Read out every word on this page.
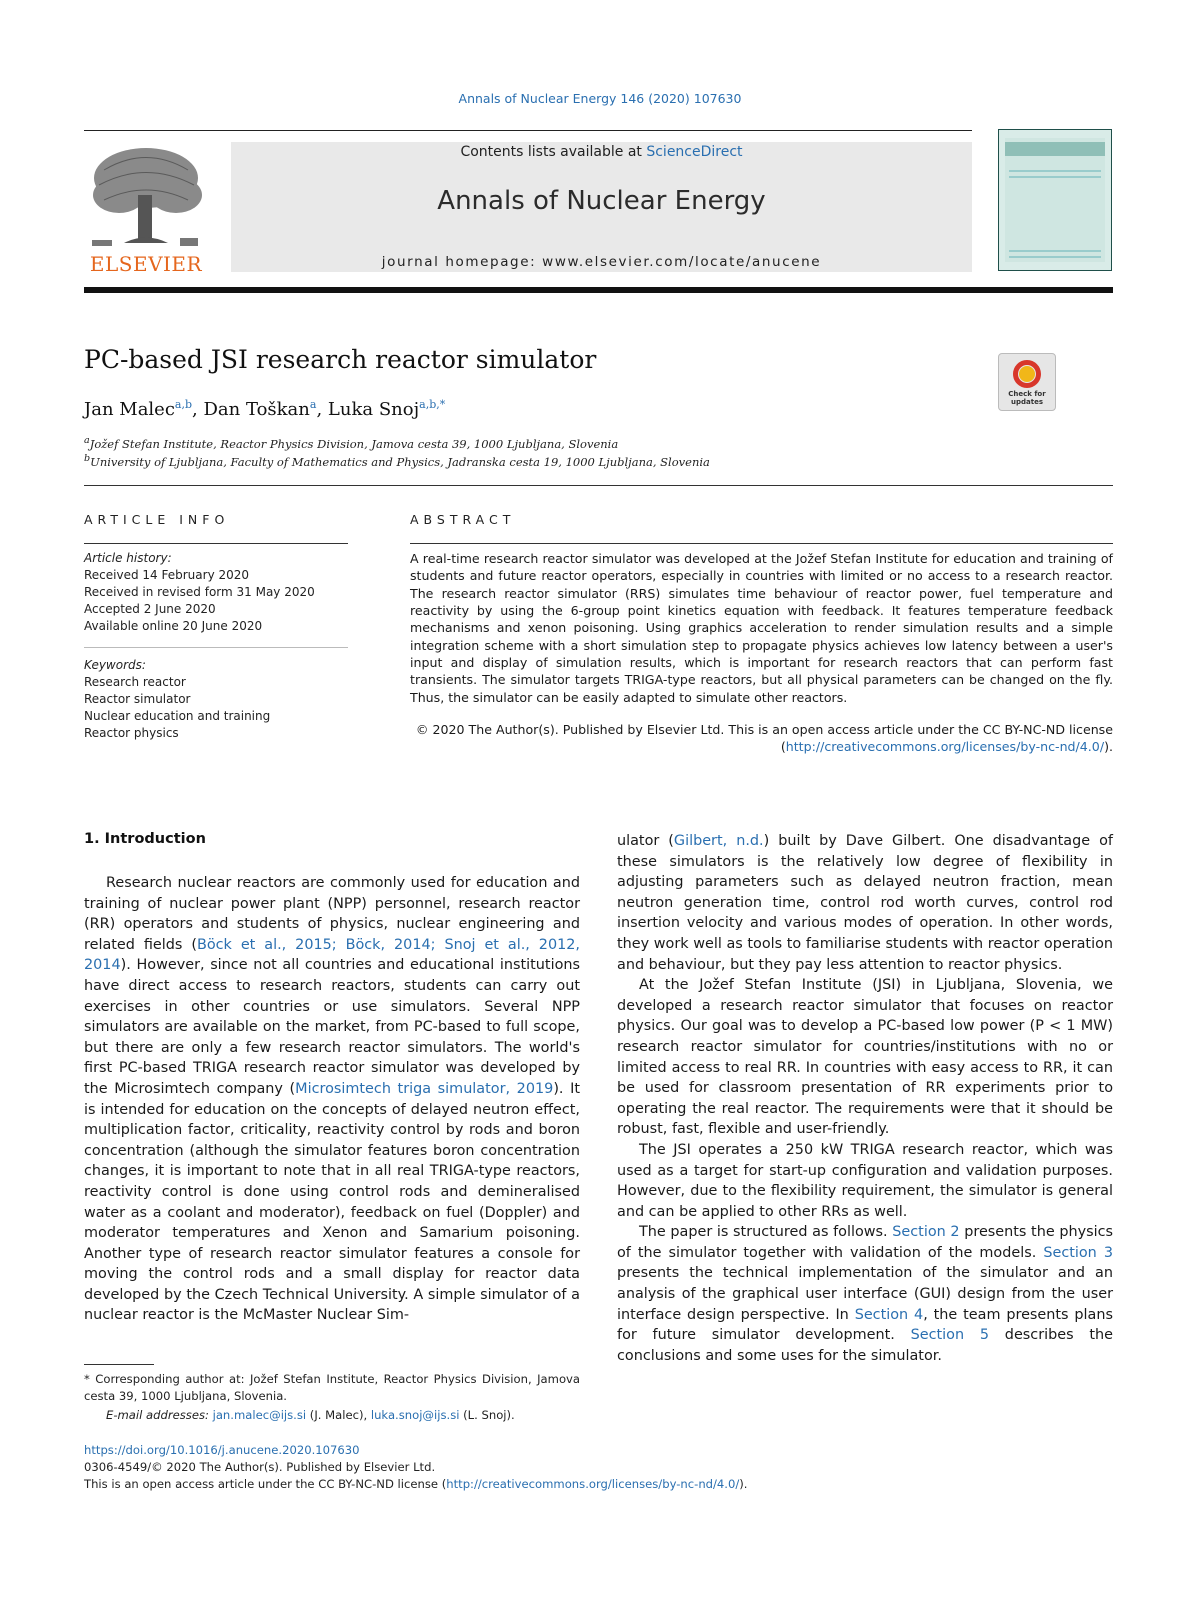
Annals of Nuclear Energy 146 (2020) 107630
ELSEVIER
Contents lists available at ScienceDirect
Annals of Nuclear Energy
journal homepage: www.elsevier.com/locate/anucene
PC-based JSI research reactor simulator
Jan Malec$^{a,b}$, Dan Toškan$^a$, Luka Snoj$^{a,b,*}$
Check for
updates
$^a$Jožef Stefan Institute, Reactor Physics Division, Jamova cesta 39, 1000 Ljubljana, Slovenia
$^b$University of Ljubljana, Faculty of Mathematics and Physics, Jadranska cesta 19, 1000 Ljubljana, Slovenia
ARTICLE INFO	ABSTRACT
Article history:
Received 14 February 2020
Received in revised form 31 May 2020
Accepted 2 June 2020
Available online 20 June 2020
Keywords:
Research reactor
Reactor simulator
Nuclear education and training
Reactor physics
A real-time research reactor simulator was developed at the Jožef Stefan Institute for education and training of students and future reactor operators, especially in countries with limited or no access to a research reactor. The research reactor simulator (RRS) simulates time behaviour of reactor power, fuel temperature and reactivity by using the 6-group point kinetics equation with feedback. It features temperature feedback mechanisms and xenon poisoning. Using graphics acceleration to render simulation results and a simple integration scheme with a short simulation step to propagate physics achieves low latency between a user's input and display of simulation results, which is important for research reactors that can perform fast transients. The simulator targets TRIGA-type reactors, but all physical parameters can be changed on the fly. Thus, the simulator can be easily adapted to simulate other reactors.
© 2020 The Author(s). Published by Elsevier Ltd. This is an open access article under the CC BY-NC-ND license (http://creativecommons.org/licenses/by-nc-nd/4.0/).
1. Introduction

Research nuclear reactors are commonly used for education and training of nuclear power plant (NPP) personnel, research reactor (RR) operators and students of physics, nuclear engineering and related fields (Böck et al., 2015; Böck, 2014; Snoj et al., 2012, 2014). However, since not all countries and educational institutions have direct access to research reactors, students can carry out exercises in other countries or use simulators. Several NPP simulators are available on the market, from PC-based to full scope, but there are only a few research reactor simulators. The world's first PC-based TRIGA research reactor simulator was developed by the Microsimtech company (Microsimtech triga simulator, 2019). It is intended for education on the concepts of delayed neutron effect, multiplication factor, criticality, reactivity control by rods and boron concentration (although the simulator features boron concentration changes, it is important to note that in all real TRIGA-type reactors, reactivity control is done using control rods and demineralised water as a coolant and moderator), feedback on fuel (Doppler) and moderator temperatures and Xenon and Samarium poisoning. Another type of research reactor simulator features a console for moving the control rods and a small display for reactor data developed by the Czech Technical University. A simple simulator of a nuclear reactor is the McMaster Nuclear Sim-

ulator (Gilbert, n.d.) built by Dave Gilbert. One disadvantage of these simulators is the relatively low degree of flexibility in adjusting parameters such as delayed neutron fraction, mean neutron generation time, control rod worth curves, control rod insertion velocity and various modes of operation. In other words, they work well as tools to familiarise students with reactor operation and behaviour, but they pay less attention to reactor physics.

At the Jožef Stefan Institute (JSI) in Ljubljana, Slovenia, we developed a research reactor simulator that focuses on reactor physics. Our goal was to develop a PC-based low power (P < 1 MW) research reactor simulator for countries/institutions with no or limited access to real RR. In countries with easy access to RR, it can be used for classroom presentation of RR experiments prior to operating the real reactor. The requirements were that it should be robust, fast, flexible and user-friendly.

The JSI operates a 250 kW TRIGA research reactor, which was used as a target for start-up configuration and validation purposes. However, due to the flexibility requirement, the simulator is general and can be applied to other RRs as well.

The paper is structured as follows. Section 2 presents the physics of the simulator together with validation of the models. Section 3 presents the technical implementation of the simulator and an analysis of the graphical user interface (GUI) design from the user interface design perspective. In Section 4, the team presents plans for future simulator development. Section 5 describes the conclusions and some uses for the simulator.

* Corresponding author at: Jožef Stefan Institute, Reactor Physics Division, Jamova cesta 39, 1000 Ljubljana, Slovenia.
E-mail addresses: jan.malec@ijs.si (J. Malec), luka.snoj@ijs.si (L. Snoj).
https://doi.org/10.1016/j.anucene.2020.107630
0306-4549/© 2020 The Author(s). Published by Elsevier Ltd.
This is an open access article under the CC BY-NC-ND license (http://creativecommons.org/licenses/by-nc-nd/4.0/).
